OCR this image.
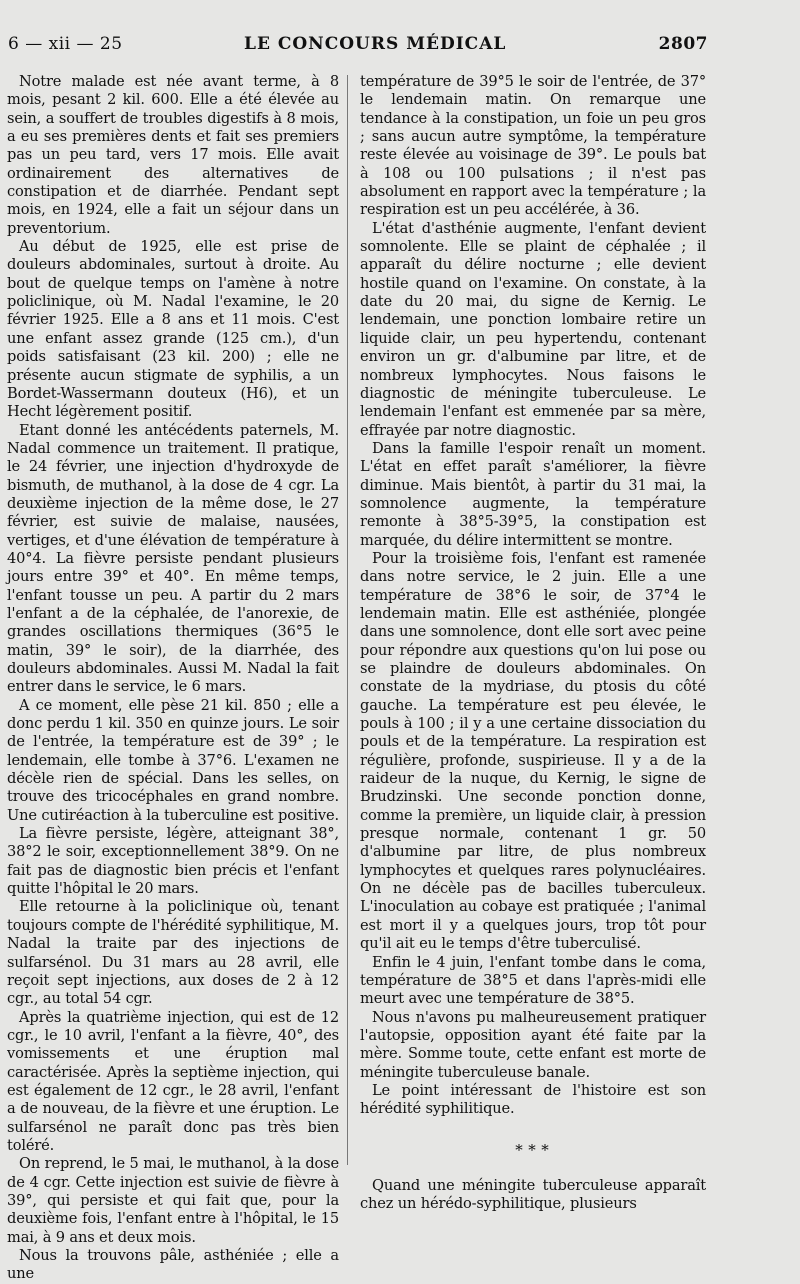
6 — xii — 25	LE CONCOURS MÉDICAL	2807

Notre malade est née avant terme, à 8 mois, pesant 2 kil. 600. Elle a été élevée au sein, a souffert de troubles digestifs à 8 mois, a eu ses premières dents et fait ses premiers pas un peu tard, vers 17 mois. Elle avait ordinairement des alternatives de constipation et de diarrhée. Pendant sept mois, en 1924, elle a fait un séjour dans un preventorium.

Au début de 1925, elle est prise de douleurs abdominales, surtout à droite. Au bout de quelque temps on l'amène à notre policlinique, où M. Nadal l'examine, le 20 février 1925. Elle a 8 ans et 11 mois. C'est une enfant assez grande (125 cm.), d'un poids satisfaisant (23 kil. 200) ; elle ne présente aucun stigmate de syphilis, a un Bordet-Wassermann douteux (H6), et un Hecht légèrement positif.

Etant donné les antécédents paternels, M. Nadal commence un traitement. Il pratique, le 24 février, une injection d'hydroxyde de bismuth, de muthanol, à la dose de 4 cgr. La deuxième injection de la même dose, le 27 février, est suivie de malaise, nausées, vertiges, et d'une élévation de température à 40°4. La fièvre persiste pendant plusieurs jours entre 39° et 40°. En même temps, l'enfant tousse un peu. A partir du 2 mars l'enfant a de la céphalée, de l'anorexie, de grandes oscillations thermiques (36°5 le matin, 39° le soir), de la diarrhée, des douleurs abdominales. Aussi M. Nadal la fait entrer dans le service, le 6 mars.

A ce moment, elle pèse 21 kil. 850 ; elle a donc perdu 1 kil. 350 en quinze jours. Le soir de l'entrée, la température est de 39° ; le lendemain, elle tombe à 37°6. L'examen ne décèle rien de spécial. Dans les selles, on trouve des tricocéphales en grand nombre. Une cutiréaction à la tuberculine est positive.

La fièvre persiste, légère, atteignant 38°, 38°2 le soir, exceptionnellement 38°9. On ne fait pas de diagnostic bien précis et l'enfant quitte l'hôpital le 20 mars.

Elle retourne à la policlinique où, tenant toujours compte de l'hérédité syphilitique, M. Nadal la traite par des injections de sulfarsénol. Du 31 mars au 28 avril, elle reçoit sept injections, aux doses de 2 à 12 cgr., au total 54 cgr.

Après la quatrième injection, qui est de 12 cgr., le 10 avril, l'enfant a la fièvre, 40°, des vomissements et une éruption mal caractérisée. Après la septième injection, qui est également de 12 cgr., le 28 avril, l'enfant a de nouveau, de la fièvre et une éruption. Le sulfarsénol ne paraît donc pas très bien toléré.

On reprend, le 5 mai, le muthanol, à la dose de 4 cgr. Cette injection est suivie de fièvre à 39°, qui persiste et qui fait que, pour la deuxième fois, l'enfant entre à l'hôpital, le 15 mai, à 9 ans et deux mois.

Nous la trouvons pâle, asthéniée ; elle a une

température de 39°5 le soir de l'entrée, de 37° le lendemain matin. On remarque une tendance à la constipation, un foie un peu gros ; sans aucun autre symptôme, la température reste élevée au voisinage de 39°. Le pouls bat à 108 ou 100 pulsations ; il n'est pas absolument en rapport avec la température ; la respiration est un peu accélérée, à 36.

L'état d'asthénie augmente, l'enfant devient somnolente. Elle se plaint de céphalée ; il apparaît du délire nocturne ; elle devient hostile quand on l'examine. On constate, à la date du 20 mai, du signe de Kernig. Le lendemain, une ponction lombaire retire un liquide clair, un peu hypertendu, contenant environ un gr. d'albumine par litre, et de nombreux lymphocytes. Nous faisons le diagnostic de méningite tuberculeuse. Le lendemain l'enfant est emmenée par sa mère, effrayée par notre diagnostic.

Dans la famille l'espoir renaît un moment. L'état en effet paraît s'améliorer, la fièvre diminue. Mais bientôt, à partir du 31 mai, la somnolence augmente, la température remonte à 38°5-39°5, la constipation est marquée, du délire intermittent se montre.

Pour la troisième fois, l'enfant est ramenée dans notre service, le 2 juin. Elle a une température de 38°6 le soir, de 37°4 le lendemain matin. Elle est asthéniée, plongée dans une somnolence, dont elle sort avec peine pour répondre aux questions qu'on lui pose ou se plaindre de douleurs abdominales. On constate de la mydriase, du ptosis du côté gauche. La température est peu élevée, le pouls à 100 ; il y a une certaine dissociation du pouls et de la température. La respiration est régulière, profonde, suspirieuse. Il y a de la raideur de la nuque, du Kernig, le signe de Brudzinski. Une seconde ponction donne, comme la première, un liquide clair, à pression presque normale, contenant 1 gr. 50 d'albumine par litre, de plus nombreux lymphocytes et quelques rares polynucléaires. On ne décèle pas de bacilles tuberculeux. L'inoculation au cobaye est pratiquée ; l'animal est mort il y a quelques jours, trop tôt pour qu'il ait eu le temps d'être tuberculisé.

Enfin le 4 juin, l'enfant tombe dans le coma, température de 38°5 et dans l'après-midi elle meurt avec une température de 38°5.

Nous n'avons pu malheureusement pratiquer l'autopsie, opposition ayant été faite par la mère. Somme toute, cette enfant est morte de méningite tuberculeuse banale.

Le point intéressant de l'histoire est son hérédité syphilitique.

* * *

Quand une méningite tuberculeuse apparaît chez un hérédo-syphilitique, plusieurs
